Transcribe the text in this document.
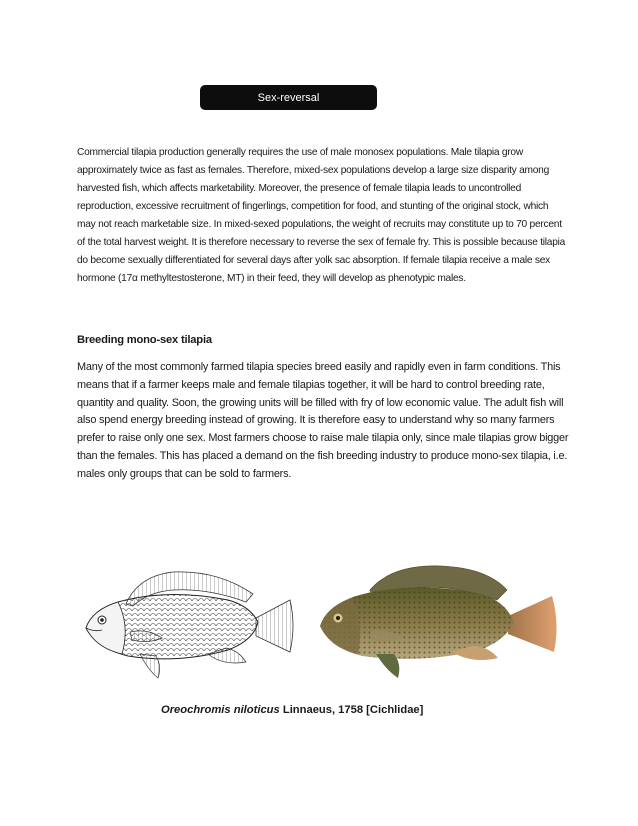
Sex-reversal

Commercial tilapia production generally requires the use of male monosex populations. Male tilapia grow approximately twice as fast as females. Therefore, mixed-sex populations develop a large size disparity among harvested fish, which affects marketability. Moreover, the presence of female tilapia leads to uncontrolled reproduction, excessive recruitment of fingerlings, competition for food, and stunting of the original stock, which may not reach marketable size. In mixed-sexed populations, the weight of recruits may constitute up to 70 percent of the total harvest weight. It is therefore necessary to reverse the sex of female fry. This is possible because tilapia do become sexually differentiated for several days after yolk sac absorption. If female tilapia receive a male sex hormone (17α methyltestosterone, MT) in their feed, they will develop as phenotypic males.

Breeding mono-sex tilapia

Many of the most commonly farmed tilapia species breed easily and rapidly even in farm conditions. This means that if a farmer keeps male and female tilapias together, it will be hard to control breeding rate, quantity and quality. Soon, the growing units will be filled with fry of low economic value. The adult fish will also spend energy breeding instead of growing. It is therefore easy to understand why so many farmers prefer to raise only one sex. Most farmers choose to raise male tilapia only, since male tilapias grow bigger than the females. This has placed a demand on the fish breeding industry to produce mono-sex tilapia, i.e. males only groups that can be sold to farmers.

Oreochromis niloticus Linnaeus, 1758 [Cichlidae]
